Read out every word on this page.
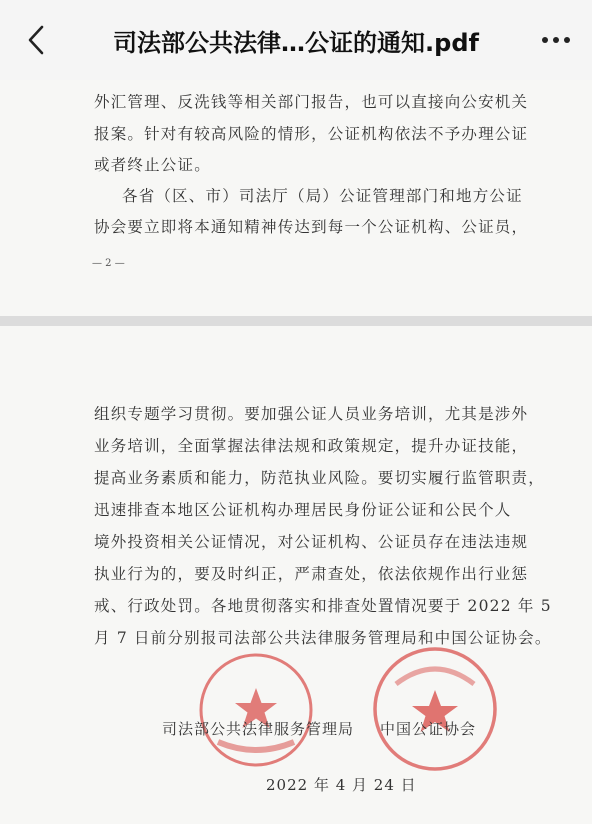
司法部公共法律…公证的通知.pdf
外汇管理、反洗钱等相关部门报告，也可以直接向公安机关
报案。针对有较高风险的情形，公证机构依法不予办理公证
或者终止公证。
各省（区、市）司法厅（局）公证管理部门和地方公证
协会要立即将本通知精神传达到每一个公证机构、公证员，
— 2 —
组织专题学习贯彻。要加强公证人员业务培训，尤其是涉外
业务培训，全面掌握法律法规和政策规定，提升办证技能，
提高业务素质和能力，防范执业风险。要切实履行监管职责，
迅速排查本地区公证机构办理居民身份证公证和公民个人
境外投资相关公证情况，对公证机构、公证员存在违法违规
执业行为的，要及时纠正，严肃查处，依法依规作出行业惩
戒、行政处罚。各地贯彻落实和排查处置情况要于 2022 年 5
月 7 日前分别报司法部公共法律服务管理局和中国公证协会。
司法部公共法律服务管理局 中国公证协会
2022 年 4 月 24 日
